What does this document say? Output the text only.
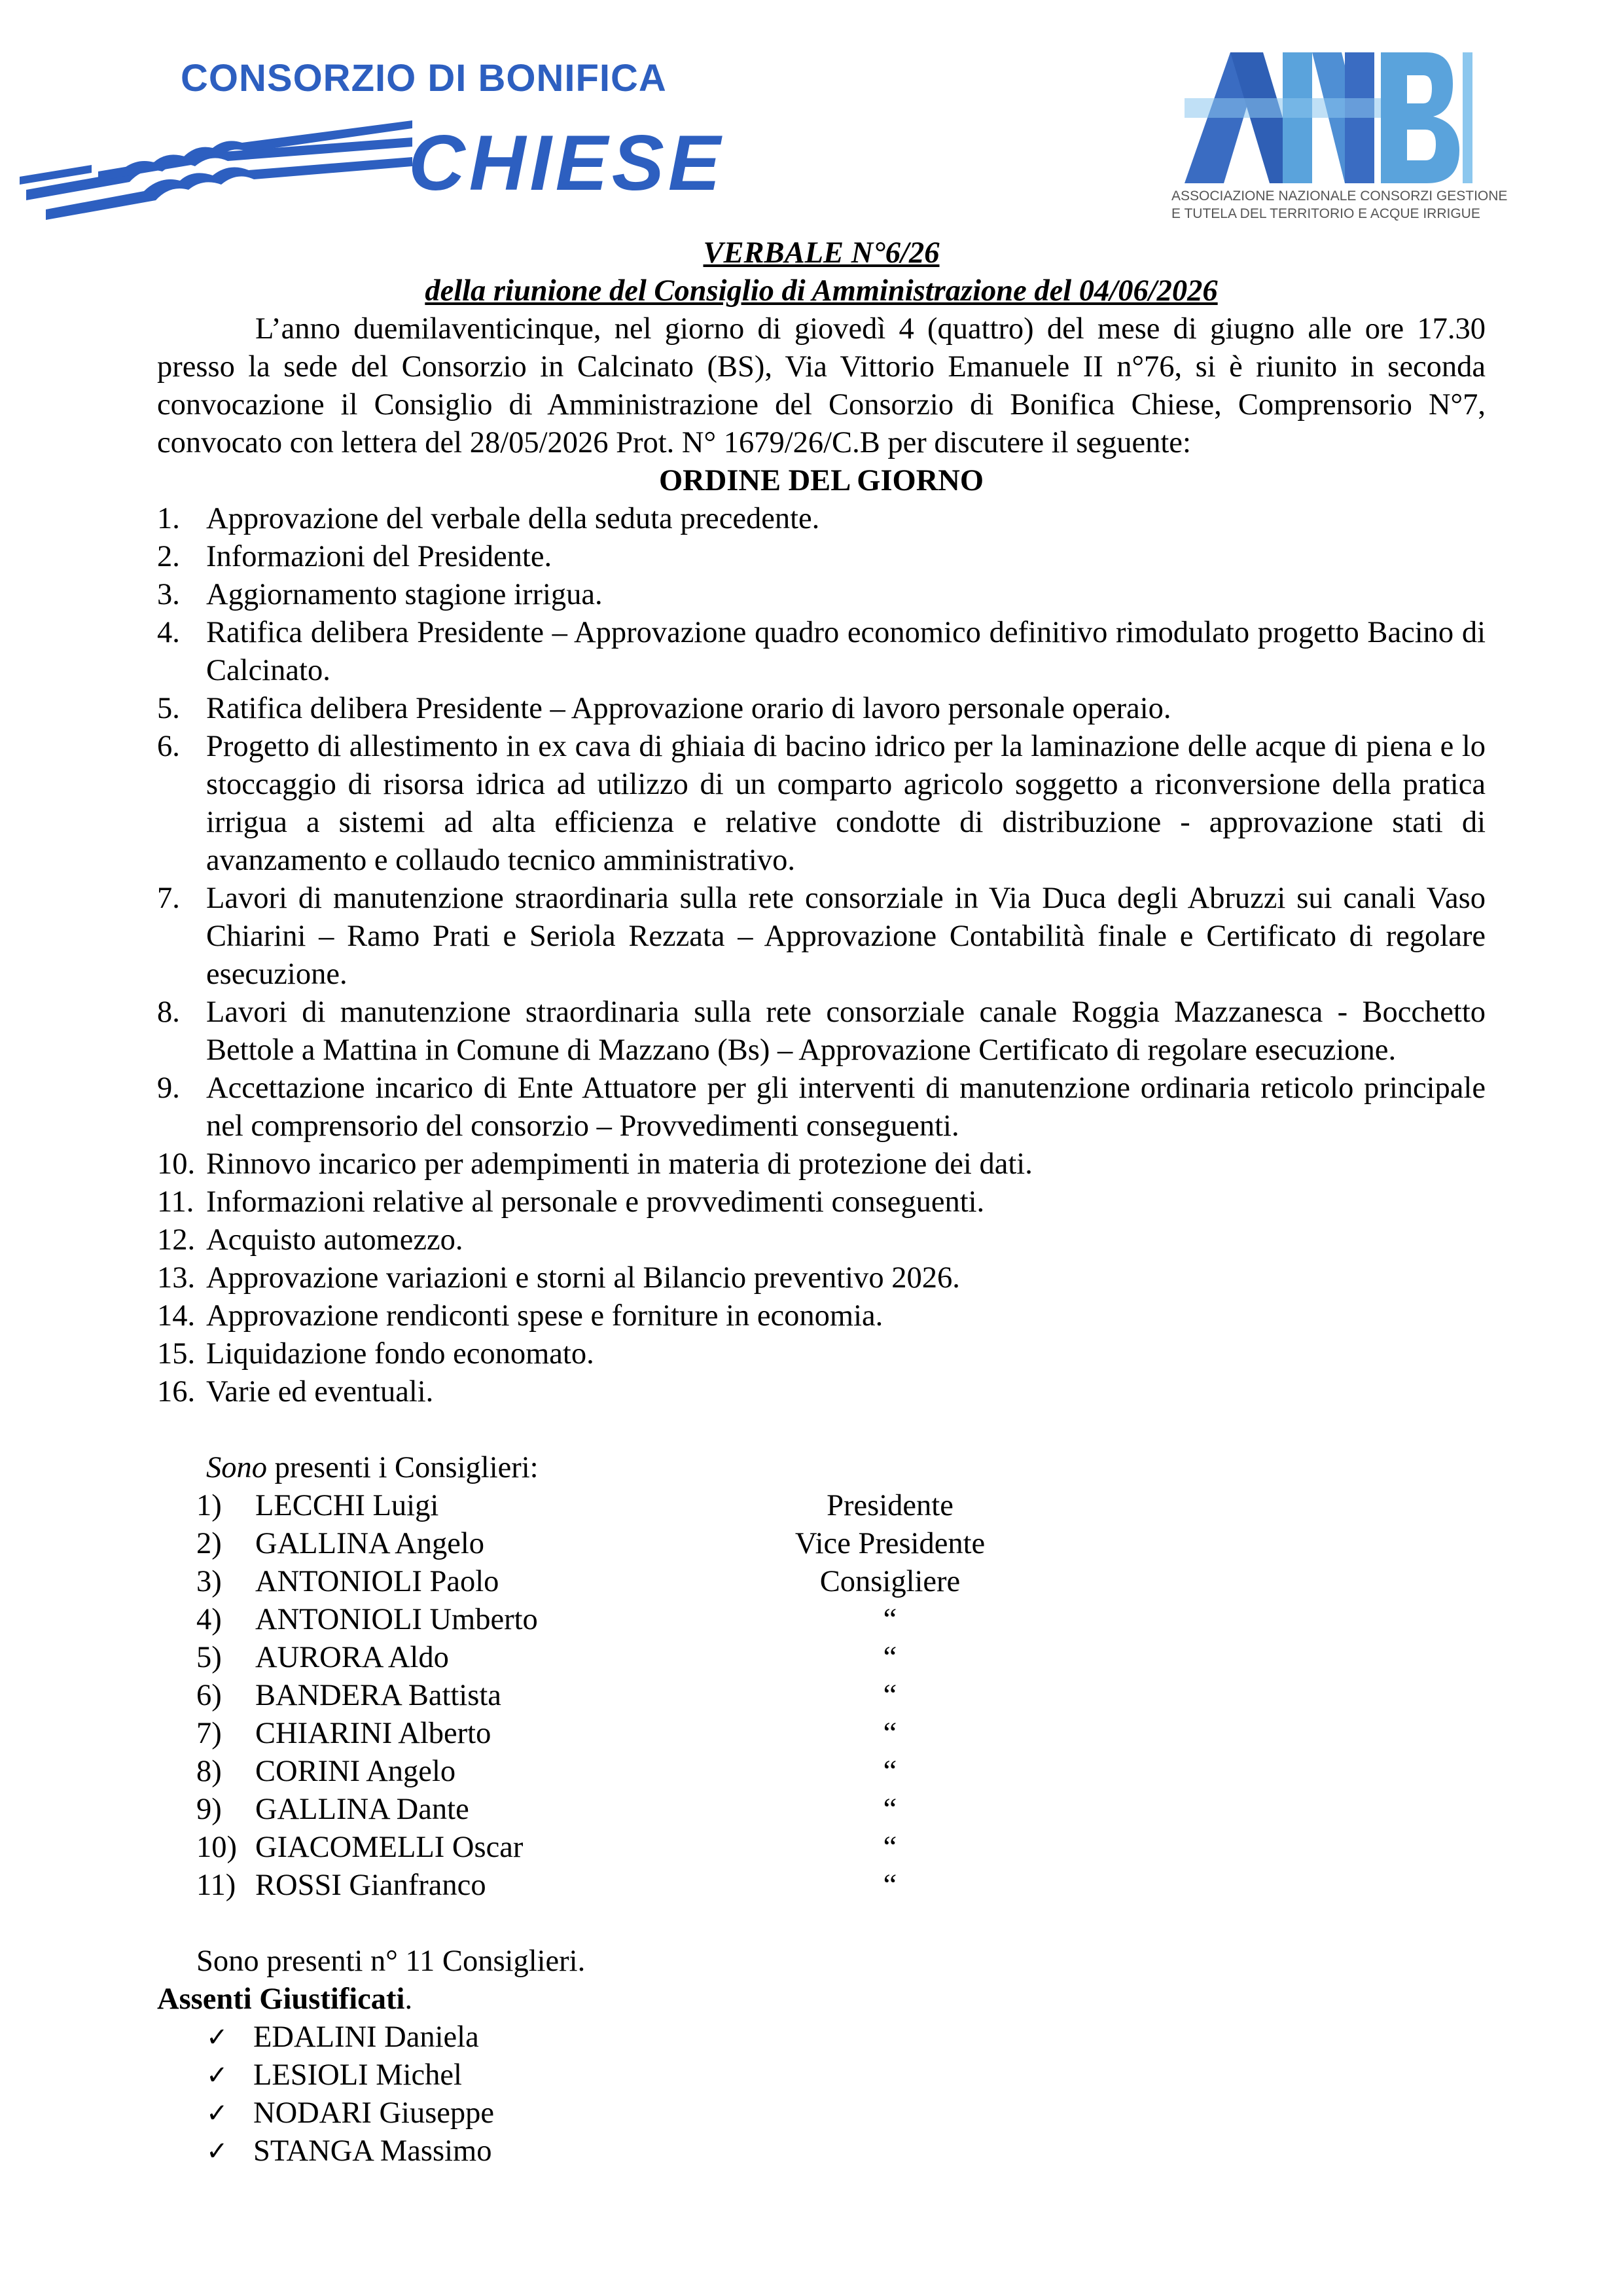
CONSORZIO DI BONIFICA

CHIESE	ASSOCIAZIONE NAZIONALE CONSORZI GESTIONE
E TUTELA DEL TERRITORIO E ACQUE IRRIGUE

VERBALE N°6/26

della riunione del Consiglio di Amministrazione del 04/06/2026

L’anno duemilaventicinque, nel giorno di giovedì 4 (quattro) del mese di giugno alle ore 17.30 presso la sede del Consorzio in Calcinato (BS), Via Vittorio Emanuele II n°76, si è riunito in seconda convocazione il Consiglio di Amministrazione del Consorzio di Bonifica Chiese, Comprensorio N°7, convocato con lettera del 28/05/2026 Prot. N° 1679/26/C.B per discutere il seguente:

ORDINE DEL GIORNO

1. Approvazione del verbale della seduta precedente.
2. Informazioni del Presidente.
3. Aggiornamento stagione irrigua.
4. Ratifica delibera Presidente – Approvazione quadro economico definitivo rimodulato progetto Bacino di Calcinato.
5. Ratifica delibera Presidente – Approvazione orario di lavoro personale operaio.
6. Progetto di allestimento in ex cava di ghiaia di bacino idrico per la laminazione delle acque di piena e lo stoccaggio di risorsa idrica ad utilizzo di un comparto agricolo soggetto a riconversione della pratica irrigua a sistemi ad alta efficienza e relative condotte di distribuzione - approvazione stati di avanzamento e collaudo tecnico amministrativo.
7. Lavori di manutenzione straordinaria sulla rete consorziale in Via Duca degli Abruzzi sui canali Vaso Chiarini – Ramo Prati e Seriola Rezzata – Approvazione Contabilità finale e Certificato di regolare esecuzione.
8. Lavori di manutenzione straordinaria sulla rete consorziale canale Roggia Mazzanesca - Bocchetto Bettole a Mattina in Comune di Mazzano (Bs) – Approvazione Certificato di regolare esecuzione.
9. Accettazione incarico di Ente Attuatore per gli interventi di manutenzione ordinaria reticolo principale nel comprensorio del consorzio – Provvedimenti conseguenti.
10. Rinnovo incarico per adempimenti in materia di protezione dei dati.
11. Informazioni relative al personale e provvedimenti conseguenti.
12. Acquisto automezzo.
13. Approvazione variazioni e storni al Bilancio preventivo 2026.
14. Approvazione rendiconti spese e forniture in economia.
15. Liquidazione fondo economato.
16. Varie ed eventuali.
Sono presenti i Consiglieri:
1)	LECCHI Luigi	Presidente
2)	GALLINA Angelo	Vice Presidente
3)	ANTONIOLI Paolo	Consigliere
4)	ANTONIOLI Umberto	“
5)	AURORA Aldo	“
6)	BANDERA Battista	“
7)	CHIARINI Alberto	“
8)	CORINI Angelo	“
9)	GALLINA Dante	“
10) GIACOMELLI Oscar	“
11) ROSSI Gianfranco	“
Sono presenti n° 11 Consiglieri.

Assenti Giustificati.

✓ EDALINI Daniela
✓ LESIOLI Michel
✓ NODARI Giuseppe
✓ STANGA Massimo
